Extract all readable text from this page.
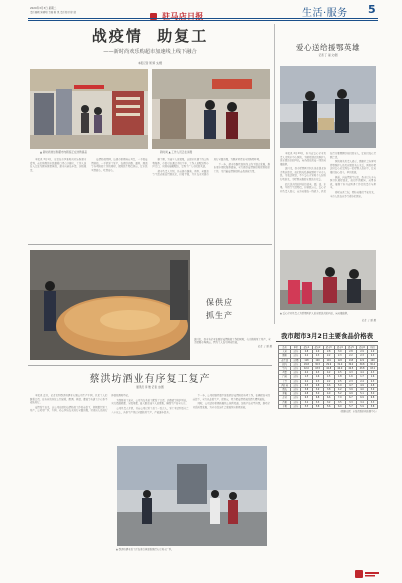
2020年3月3日 星期二
责任编辑 朱晓明 美编 陈 岚 责任校对 徐 凯	驻马店日报	生活·服务 5
战疫情  助复工
——新时尚欢乐购超市加速线上线下融合
本报记者 周 婷 文/图
▲ 新时尚欢乐购超市内顾客正在选购商品	新时尚 ▲ 工作人员正在消毒

本报讯 3月1日，记者在市区新时尚欢乐购超市看到，前来购物的市民戴着口罩有序排队，工作人员在入口处为顾客测量体温，超市内商品丰富、价格稳定。

疫情防控期间，该超市积极响应号召，一手抓疫情防控，一手抓复工复产，在做好消毒、通风、测温等各项防控工作的同时，保障民生物资供应，让市民买得放心、吃得安心。

据了解，为减少人员聚集，该超市开通了线上购物服务，市民可以通过手机下单，工作人员配送到小区门口，实现无接触配送，受到了广大市民的欢迎。

超市负责人介绍，目前超市蔬菜、肉类、米面油等生活必需品货源充足，价格平稳，并且每天对超市进行全面消毒，为顾客营造安全的购物环境。

下一步，超市将继续加快线上线下融合发展，推出更多便民服务措施，全力做好疫情防控和保供稳价工作，为打赢疫情防控阻击战贡献力量。

爱心送给援鄂英雄
记者 丁 丽 文/图

本报讯 2月29日，驻马店爱心企业负责人来到市中心医院，为驰援湖北的医护人员家属送去慰问品，向奋战在抗疫一线的英雄致敬。

连日来，我市援鄂医疗队队员在湖北奋力救治患者，他们的无私奉献感动了全市人民。为表达敬意，不少爱心企业和个人纷纷行动起来，为援鄂英雄的家属送去关爱。

此次送去的慰问品包括米、面、油、水果、牛奶等生活物资，价值数万元。爱心企业负责人表示，前方英雄在一线战斗，我们在后方要照顾好他们的家人，让他们没有后顾之忧。

医院相关负责人表示，感谢社会各界对援鄂医护人员及家属的关心关爱，医院将把这份爱心转交到每一位援鄂人员家中，让英雄们安心战斗，早日凯旋。

据悉，自疫情发生以来，我市已有多支医疗队驰援湖北，他们不畏艰险、英勇奋战，展现了驻马店医务工作者的责任与担当。

春暖花开之际，期待英雄们平安归来，全市人民在家乡等着你们回家。

▲ 爱心企业负责人为援鄂医护人员家属送去慰问品，向英雄致敬。
记者 丁 丽 摄
保供应
抓生产
连日来，我市各企业在做好疫情防控工作的同时，有序推进复工复产，全力保障市场供应。图为工人在车间内忙碌。
记者 丁 丽 摄
我市超市3月2日主要食品价格表
品名	单位	超市1	超市2	超市3	超市4	超市5	超市6	均价
大米	元/斤	2.8	2.9	2.8	3.0	2.8	2.9	2.9
面粉	元/斤	2.2	2.3	2.2	2.3	2.2	2.3	2.3
花生油	元/桶	118	120	119	122	118	121	120
猪肉	元/斤	29.8	30.5	29.9	31.0	30.2	30.8	30.4
牛肉	元/斤	42.0	43.5	42.8	44.0	42.5	43.8	43.1
鸡蛋	元/斤	4.2	4.3	4.2	4.5	4.3	4.4	4.3
白菜	元/斤	1.5	1.6	1.5	1.8	1.6	1.7	1.6
土豆	元/斤	2.2	2.3	2.2	2.5	2.3	2.4	2.3
西红柿	元/斤	4.5	4.8	4.6	5.0	4.7	4.9	4.8
黄瓜	元/斤	3.8	3.9	3.8	4.2	3.9	4.0	3.9
青椒	元/斤	4.8	5.0	4.9	5.2	4.9	5.1	5.0
蒜苔	元/斤	6.5	6.8	6.6	7.0	6.7	6.9	6.8
香蕉	元/斤	3.2	3.3	3.2	3.5	3.3	3.4	3.3
苹果	元/斤	5.5	5.8	5.6	6.0	5.7	5.9	5.8
（数据来源：市发改委价格监测中心）
蔡洪坊酒业有序复工复产
通讯员 李 维 记者 文/图

本报讯 近日，记者来到蔡洪坊酒业有限公司生产车间，只见工人们戴着口罩，在各自的岗位上忙碌着，酿酒、蒸馏、灌装等各道工序有条不紊地进行。

疫情发生以来，该公司在做好疫情防控工作的前提下，积极组织复工复产。公司对厂区、车间、办公区域每天进行全面消毒，对进出人员进行体温检测和登记。

为保障员工安全，公司为每名员工配发了口罩、消毒液等防护用品，实行错峰就餐、分散用餐，最大限度减少人员聚集，确保生产安全有序。

公司负责人介绍，目前公司已复工员工一百余人，复工率达到百分之八十以上，各条生产线已全面恢复生产，产能逐步提升。

下一步，公司将继续毫不放松抓好疫情防控各项工作，在确保安全的前提下，全力以赴抓生产、保供应，努力把疫情造成的损失降到最低。

同时，公司还将积极拓展线上销售渠道，加快产品转型升级，推动企业高质量发展，为全市经济社会发展作出积极贡献。

▲ 蔡洪坊酒业员工正在进行体温检测后有序进入厂区。
